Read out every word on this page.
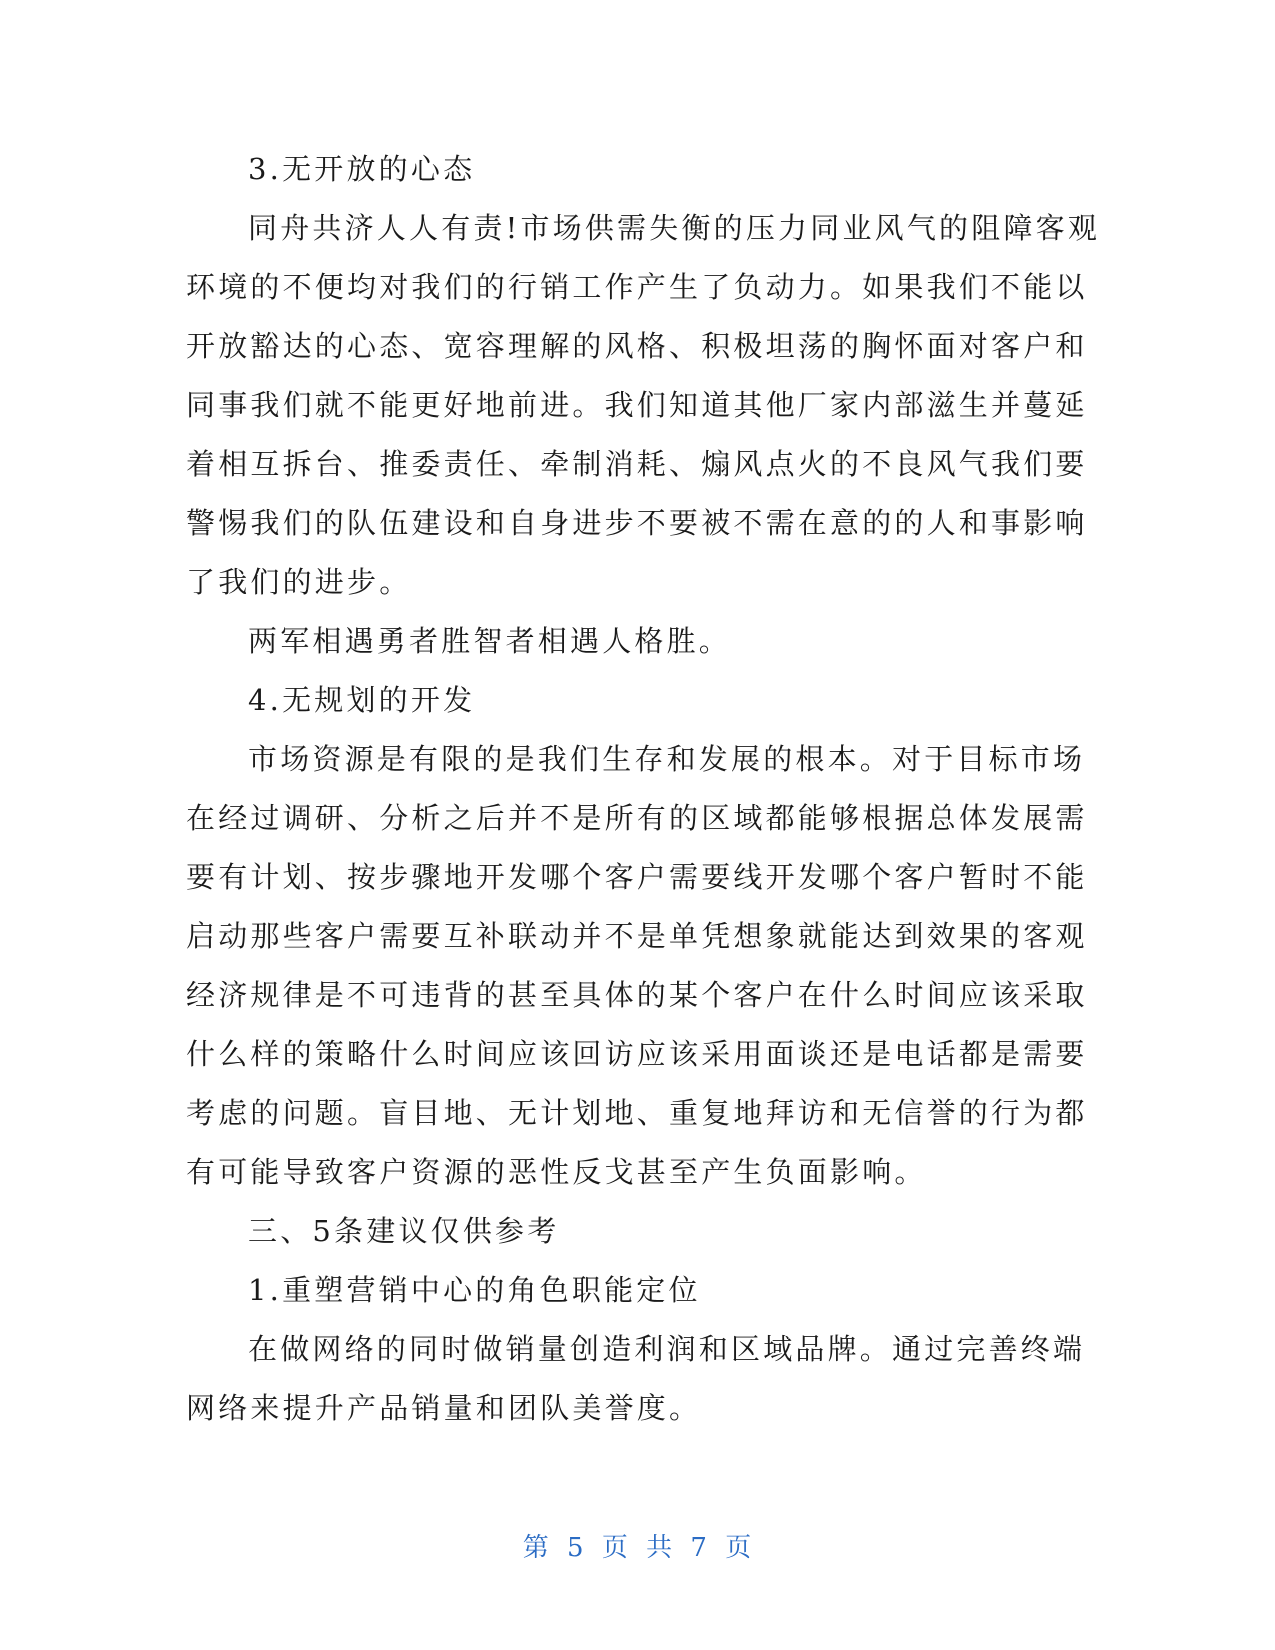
3.无开放的心态
同舟共济人人有责!市场供需失衡的压力同业风气的阻障客观
环境的不便均对我们的行销工作产生了负动力。如果我们不能以
开放豁达的心态、宽容理解的风格、积极坦荡的胸怀面对客户和
同事我们就不能更好地前进。我们知道其他厂家内部滋生并蔓延
着相互拆台、推委责任、牵制消耗、煽风点火的不良风气我们要
警惕我们的队伍建设和自身进步不要被不需在意的的人和事影响
了我们的进步。
两军相遇勇者胜智者相遇人格胜。
4.无规划的开发
市场资源是有限的是我们生存和发展的根本。对于目标市场
在经过调研、分析之后并不是所有的区域都能够根据总体发展需
要有计划、按步骤地开发哪个客户需要线开发哪个客户暂时不能
启动那些客户需要互补联动并不是单凭想象就能达到效果的客观
经济规律是不可违背的甚至具体的某个客户在什么时间应该采取
什么样的策略什么时间应该回访应该采用面谈还是电话都是需要
考虑的问题。盲目地、无计划地、重复地拜访和无信誉的行为都
有可能导致客户资源的恶性反戈甚至产生负面影响。
三、5条建议仅供参考
1.重塑营销中心的角色职能定位
在做网络的同时做销量创造利润和区域品牌。通过完善终端
网络来提升产品销量和团队美誉度。
第 5 页 共 7 页
